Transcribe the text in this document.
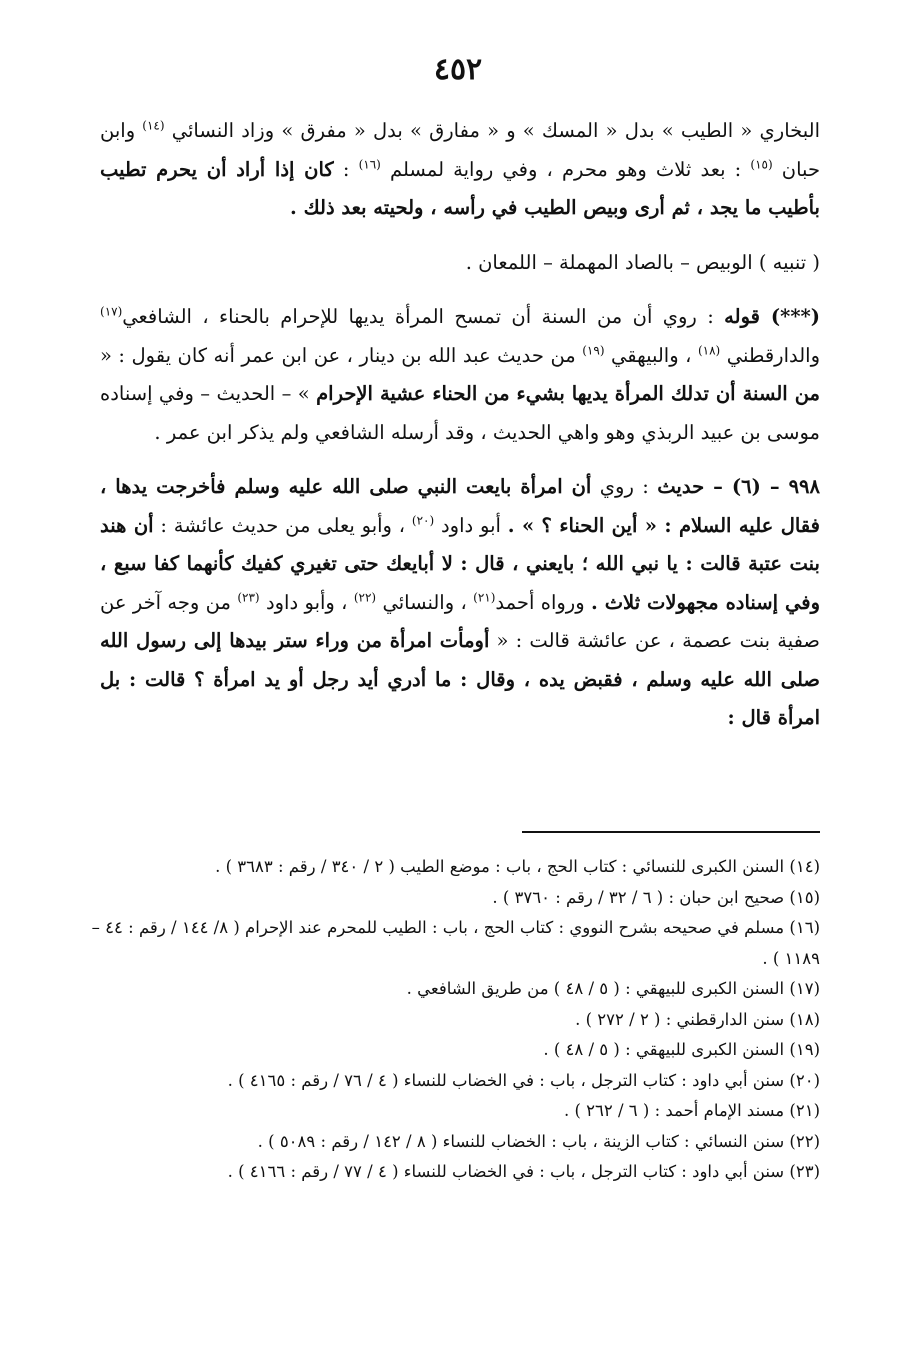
٤٥٢

البخاري « الطيب » بدل « المسك » و « مفارق » بدل « مفرق » وزاد النسائي $^{(١٤)}$ وابن حبان $^{(١٥)}$ : بعد ثلاث وهو محرم ، وفي رواية لمسلم $^{(١٦)}$ : كان إذا أراد أن يحرم تطيب بأطيب ما يجد ، ثم أرى وبيص الطيب في رأسه ، ولحيته بعد ذلك .

( تنبيه ) الوبيص – بالصاد المهملة – اللمعان .

(***) قوله : روي أن من السنة أن تمسح المرأة يديها للإحرام بالحناء ، الشافعي$^{(١٧)}$ والدارقطني $^{(١٨)}$ ، والبيهقي $^{(١٩)}$ من حديث عبد الله بن دينار ، عن ابن عمر أنه كان يقول : « من السنة أن تدلك المرأة يديها بشيء من الحناء عشية الإحرام » – الحديث – وفي إسناده موسى بن عبيد الربذي وهو واهي الحديث ، وقد أرسله الشافعي ولم يذكر ابن عمر .

٩٩٨ – (٦) – حديث : روي أن امرأة بايعت النبي صلى الله عليه وسلم فأخرجت يدها ، فقال عليه السلام : « أين الحناء ؟ » . أبو داود $^{(٢٠)}$ ، وأبو يعلى من حديث عائشة : أن هند بنت عتبة قالت : يا نبي الله ؛ بايعني ، قال : لا أبايعك حتى تغيري كفيك كأنهما كفا سبع ، وفي إسناده مجهولات ثلاث . ورواه أحمد$^{(٢١)}$ ، والنسائي $^{(٢٢)}$ ، وأبو داود $^{(٢٣)}$ من وجه آخر عن صفية بنت عصمة ، عن عائشة قالت : « أومأت امرأة من وراء ستر بيدها إلى رسول الله صلى الله عليه وسلم ، فقبض يده ، وقال : ما أدري أيد رجل أو يد امرأة ؟ قالت : بل امرأة قال :

(١٤) السنن الكبرى للنسائي : كتاب الحج ، باب : موضع الطيب ( ٢ / ٣٤٠ / رقم : ٣٦٨٣ ) .
(١٥) صحيح ابن حبان : ( ٦ / ٣٢ / رقم : ٣٧٦٠ ) .
(١٦) مسلم في صحيحه بشرح النووي : كتاب الحج ، باب : الطيب للمحرم عند الإحرام ( ٨/ ١٤٤ / رقم : ٤٤ – ١١٨٩ ) .
(١٧) السنن الكبرى للبيهقي : ( ٥ / ٤٨ ) من طريق الشافعي .
(١٨) سنن الدارقطني : ( ٢ / ٢٧٢ ) .
(١٩) السنن الكبرى للبيهقي : ( ٥ / ٤٨ ) .
(٢٠) سنن أبي داود : كتاب الترجل ، باب : في الخضاب للنساء ( ٤ / ٧٦ / رقم : ٤١٦٥ ) .
(٢١) مسند الإمام أحمد : ( ٦ / ٢٦٢ ) .
(٢٢) سنن النسائي : كتاب الزينة ، باب : الخضاب للنساء ( ٨ / ١٤٢ / رقم : ٥٠٨٩ ) .
(٢٣) سنن أبي داود : كتاب الترجل ، باب : في الخضاب للنساء ( ٤ / ٧٧ / رقم : ٤١٦٦ ) .
